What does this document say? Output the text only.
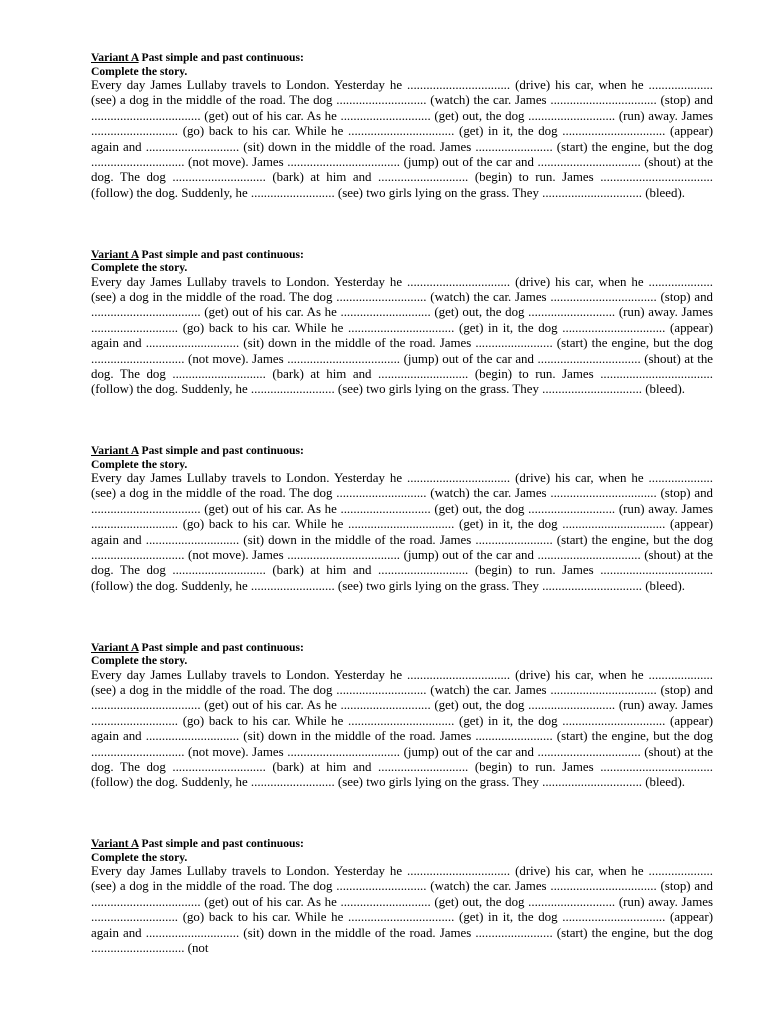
Variant A Past simple and past continuous:

Complete the story.

Every day James Lullaby travels to London. Yesterday he ................................ (drive) his car, when he .................... (see) a dog in the middle of the road. The dog ............................ (watch) the car. James ................................. (stop) and .................................. (get) out of his car. As he ............................ (get) out, the dog ........................... (run) away. James ........................... (go) back to his car. While he ................................. (get) in it, the dog ................................ (appear) again and ............................. (sit) down in the middle of the road. James ........................ (start) the engine, but the dog ............................. (not move). James ................................... (jump) out of the car and ................................ (shout) at the dog. The dog ............................. (bark) at him and ............................ (begin) to run. James ................................... (follow) the dog. Suddenly, he .......................... (see) two girls lying on the grass. They ............................... (bleed).

Variant A Past simple and past continuous:

Complete the story.

Every day James Lullaby travels to London. Yesterday he ................................ (drive) his car, when he .................... (see) a dog in the middle of the road. The dog ............................ (watch) the car. James ................................. (stop) and .................................. (get) out of his car. As he ............................ (get) out, the dog ........................... (run) away. James ........................... (go) back to his car. While he ................................. (get) in it, the dog ................................ (appear) again and ............................. (sit) down in the middle of the road. James ........................ (start) the engine, but the dog ............................. (not move). James ................................... (jump) out of the car and ................................ (shout) at the dog. The dog ............................. (bark) at him and ............................ (begin) to run. James ................................... (follow) the dog. Suddenly, he .......................... (see) two girls lying on the grass. They ............................... (bleed).

Variant A Past simple and past continuous:

Complete the story.

Every day James Lullaby travels to London. Yesterday he ................................ (drive) his car, when he .................... (see) a dog in the middle of the road. The dog ............................ (watch) the car. James ................................. (stop) and .................................. (get) out of his car. As he ............................ (get) out, the dog ........................... (run) away. James ........................... (go) back to his car. While he ................................. (get) in it, the dog ................................ (appear) again and ............................. (sit) down in the middle of the road. James ........................ (start) the engine, but the dog ............................. (not move). James ................................... (jump) out of the car and ................................ (shout) at the dog. The dog ............................. (bark) at him and ............................ (begin) to run. James ................................... (follow) the dog. Suddenly, he .......................... (see) two girls lying on the grass. They ............................... (bleed).

Variant A Past simple and past continuous:

Complete the story.

Every day James Lullaby travels to London. Yesterday he ................................ (drive) his car, when he .................... (see) a dog in the middle of the road. The dog ............................ (watch) the car. James ................................. (stop) and .................................. (get) out of his car. As he ............................ (get) out, the dog ........................... (run) away. James ........................... (go) back to his car. While he ................................. (get) in it, the dog ................................ (appear) again and ............................. (sit) down in the middle of the road. James ........................ (start) the engine, but the dog ............................. (not move). James ................................... (jump) out of the car and ................................ (shout) at the dog. The dog ............................. (bark) at him and ............................ (begin) to run. James ................................... (follow) the dog. Suddenly, he .......................... (see) two girls lying on the grass. They ............................... (bleed).

Variant A Past simple and past continuous:

Complete the story.

Every day James Lullaby travels to London. Yesterday he ................................ (drive) his car, when he .................... (see) a dog in the middle of the road. The dog ............................ (watch) the car. James ................................. (stop) and .................................. (get) out of his car. As he ............................ (get) out, the dog ........................... (run) away. James ........................... (go) back to his car. While he ................................. (get) in it, the dog ................................ (appear) again and ............................. (sit) down in the middle of the road. James ........................ (start) the engine, but the dog ............................. (not
